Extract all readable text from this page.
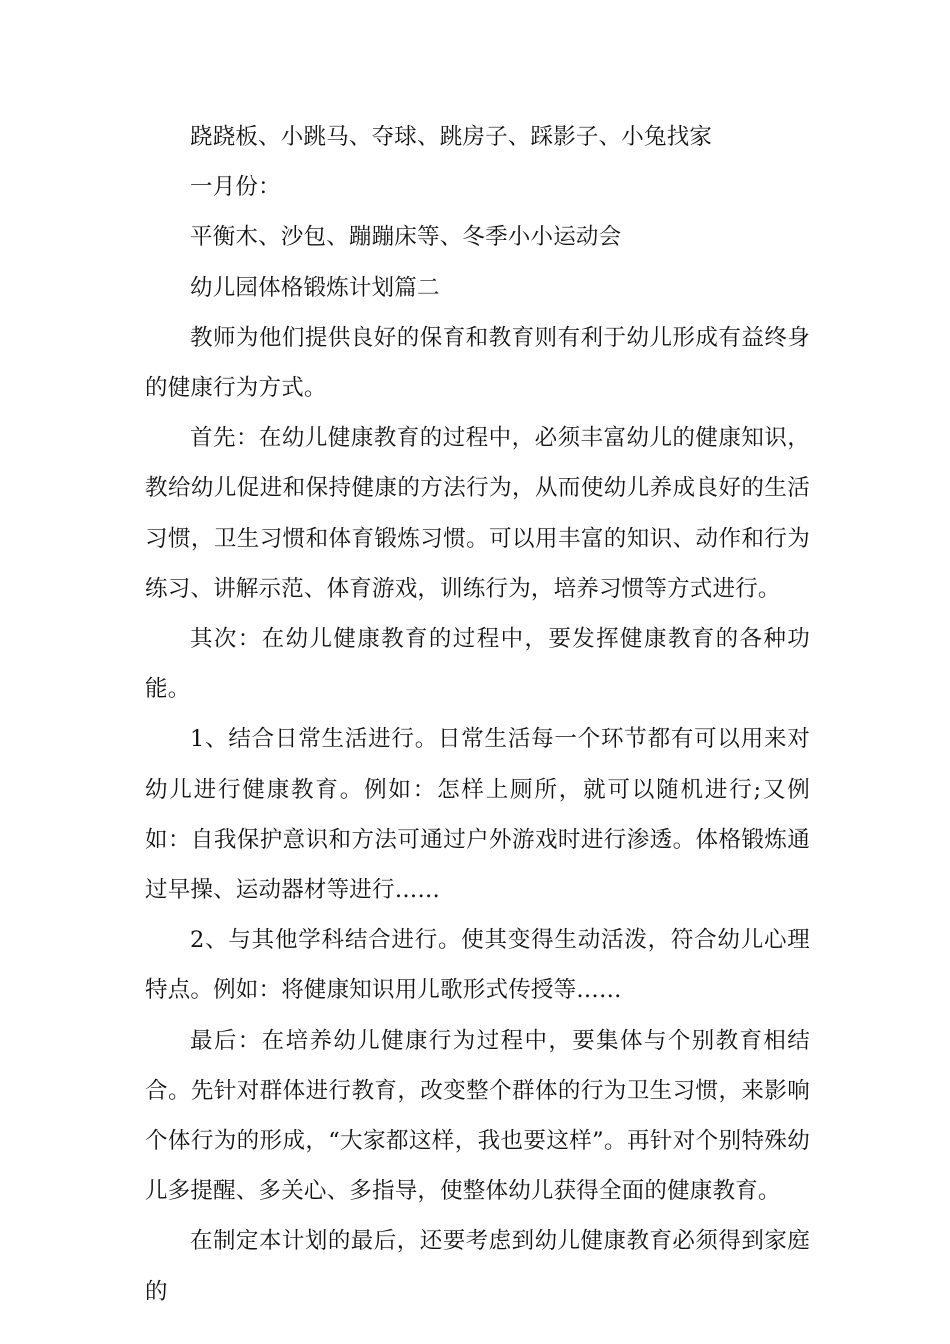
跷跷板、小跳马、夺球、跳房子、踩影子、小兔找家

一月份：

平衡木、沙包、蹦蹦床等、冬季小小运动会

幼儿园体格锻炼计划篇二

教师为他们提供良好的保育和教育则有利于幼儿形成有益终身的健康行为方式。

首先：在幼儿健康教育的过程中，必须丰富幼儿的健康知识，教给幼儿促进和保持健康的方法行为，从而使幼儿养成良好的生活习惯，卫生习惯和体育锻炼习惯。可以用丰富的知识、动作和行为练习、讲解示范、体育游戏，训练行为，培养习惯等方式进行。

其次：在幼儿健康教育的过程中，要发挥健康教育的各种功能。

1、结合日常生活进行。日常生活每一个环节都有可以用来对幼儿进行健康教育。例如：怎样上厕所，就可以随机进行;又例如：自我保护意识和方法可通过户外游戏时进行渗透。体格锻炼通过早操、运动器材等进行……

2、与其他学科结合进行。使其变得生动活泼，符合幼儿心理特点。例如：将健康知识用儿歌形式传授等……

最后：在培养幼儿健康行为过程中，要集体与个别教育相结合。先针对群体进行教育，改变整个群体的行为卫生习惯，来影响个体行为的形成，“大家都这样，我也要这样”。再针对个别特殊幼儿多提醒、多关心、多指导，使整体幼儿获得全面的健康教育。

在制定本计划的最后，还要考虑到幼儿健康教育必须得到家庭的
